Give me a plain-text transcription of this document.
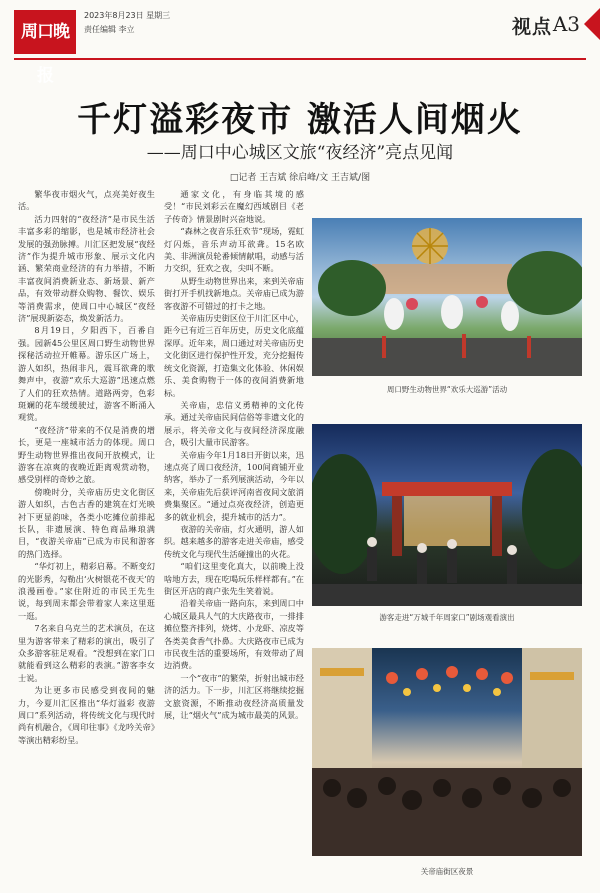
周口晚报
2023年8月23日 星期三
责任编辑 李立	视点 A3
千灯溢彩夜市 激活人间烟火
——周口中心城区文旅“夜经济”亮点见闻
□记者 王吉斌 徐启峰/文 王吉斌/图

繁华夜市烟火气，点亮美好夜生活。

活力四射的“夜经济”是市民生活丰富多彩的缩影，也是城市经济社会发展的强劲脉搏。川汇区把发展“夜经济”作为提升城市形象、展示文化内涵、繁荣商业经济的有力举措，不断丰富夜间消费新业态、新场景、新产品，有效带动群众购物、餐饮、娱乐等消费需求，使周口中心城区“夜经济”展现新姿态，焕发新活力。

8月19日，夕阳西下，百番自强。园新45公里区周口野生动物世界探秘活动拉开帷幕。游乐区广场上，游人如织，热闹非凡，震耳欲聋的歌舞声中，夜游“欢乐大巡游”迅速点燃了人们的狂欢热情。道路两旁，色彩斑斓的花车缓缓驶过，游客不断涌入观赏。

“夜经济”带来的不仅是消费的增长，更是一座城市活力的体现。周口野生动物世界推出夜间开放模式，让游客在凉爽的夜晚近距离观赏动物，感受别样的奇妙之旅。

傍晚时分，关帝庙历史文化街区游人如织，古色古香的建筑在灯光映衬下更显韵味，各类小吃摊位前排起长队，非遗展演、特色商品琳琅满目，“夜游关帝庙”已成为市民和游客的热门选择。

“华灯初上，精彩启幕。不断变幻的光影秀，勾勒出‘火树银花不夜天’的浪漫画卷。”家住附近的市民王先生说，每到周末都会带着家人来这里逛一逛。

7名来自乌克兰的艺术演员，在这里为游客带来了精彩的演出，吸引了众多游客驻足观看。“没想到在家门口就能看到这么精彩的表演。”游客李女士说。

为让更多市民感受到夜间的魅力，今夏川汇区推出“华灯溢彩 夜游周口”系列活动，将传统文化与现代时尚有机融合，《周印往事》《龙吟关帝》等演出精彩纷呈。

通家文化，有身临其境的感受！“市民刘彩云在魔幻西域剧目《老子传奇》情景剧时兴奋地说。

“森林之夜音乐狂欢节”现场，霓虹灯闪烁，音乐声动耳欲聋。15名欧美、非洲演员轮番倾情献唱，动感与活力交织，狂欢之夜，尖叫不断。

从野生动物世界出来，来到关帝庙街打开手机找新地点。关帝庙已成为游客夜游不可错过的打卡之地。

关帝庙历史街区位于川汇区中心，距今已有近三百年历史，历史文化底蕴深厚。近年来，周口通过对关帝庙历史文化街区进行保护性开发，充分挖掘传统文化资源，打造集文化体验、休闲娱乐、美食购物于一体的夜间消费新地标。

关帝庙，忠信义勇精神的文化传承。通过关帝庙民间信俗等非遗文化的展示，将关帝文化与夜间经济深度融合，吸引大量市民游客。

关帝庙今年1月18日开街以来，迅速点亮了周口夜经济，100间商铺开业纳客，举办了一系列展演活动，今年以来，关帝庙先后获评河南省夜间文旅消费集聚区。“通过点亮夜经济，创造更多的就业机会，提升城市的活力”。

夜游的关帝庙，灯火通明，游人如织。越来越多的游客走进关帝庙，感受传统文化与现代生活碰撞出的火花。

“咱们这里变化真大，以前晚上没啥地方去，现在吃喝玩乐样样都有。”在街区开店的商户张先生笑着说。

沿着关帝庙一路向东，来到周口中心城区最具人气的大庆路夜市，一排排摊位整齐排列，烧烤、小龙虾、凉皮等各类美食香气扑鼻。大庆路夜市已成为市民夜生活的重要场所，有效带动了周边消费。

一个“夜市”的繁荣，折射出城市经济的活力。下一步，川汇区将继续挖掘文旅资源，不断推动夜经济高质量发展，让“烟火气”成为城市最美的风景。

周口野生动物世界“欢乐大巡游”活动
游客走进“万城千年周家口”剧场观看演出
关帝庙街区夜景
